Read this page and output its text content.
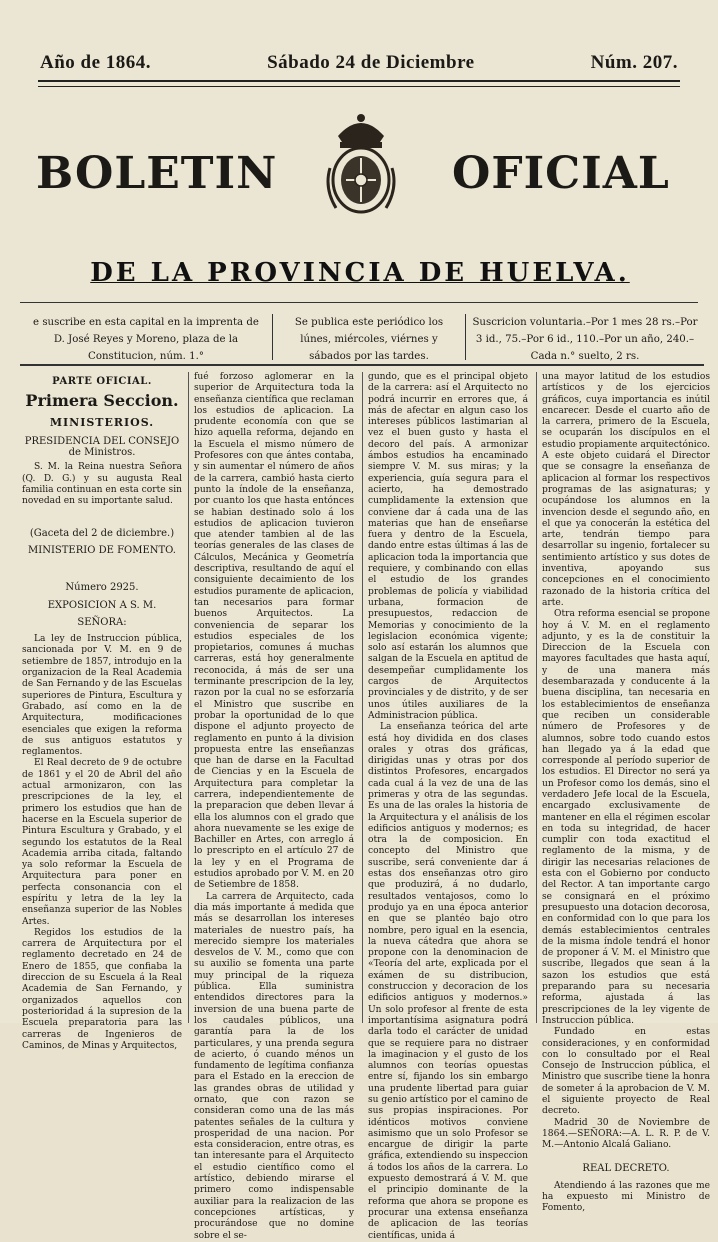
Año de 1864.	Sábado 24 de Diciembre	Núm. 207.
BOLETIN	OFICIAL
DE LA PROVINCIA DE HUELVA.
e suscribe en esta capital en la imprenta de D. José Reyes y Moreno, plaza de la Constitucion, núm. 1.°
Se publica este periódico los lúnes, miércoles, viérnes y sábados por las tardes.
Suscricion voluntaria.–Por 1 mes 28 rs.–Por 3 id., 75.–Por 6 id., 110.–Por un año, 240.–Cada n.° suelto, 2 rs.
PARTE OFICIAL.
Primera Seccion.
MINISTERIOS.
PRESIDENCIA DEL CONSEJO de Ministros.

S. M. la Reina nuestra Señora (Q. D. G.) y su augusta Real familia continuan en esta corte sin novedad en su importante salud.

(Gaceta del 2 de diciembre.)
MINISTERIO DE FOMENTO.
Número 2925.
EXPOSICION A S. M.
SEÑORA:

La ley de Instruccion pública, sancionada por V. M. en 9 de setiembre de 1857, introdujo en la organizacion de la Real Academia de San Fernando y de las Escuelas superiores de Pintura, Escultura y Grabado, así como en la de Arquitectura, modificaciones esenciales que exigen la reforma de sus antiguos estatutos y reglamentos.

El Real decreto de 9 de octubre de 1861 y el 20 de Abril del año actual armonizaron, con las prescripciones de la ley, el primero los estudios que han de hacerse en la Escuela superior de Pintura Escultura y Grabado, y el segundo los estatutos de la Real Academia arriba citada, faltando ya solo reformar la Escuela de Arquitectura para poner en perfecta consonancia con el espíritu y letra de la ley la enseñanza superior de las Nobles Artes.

Regidos los estudios de la carrera de Arquitectura por el reglamento decretado en 24 de Enero de 1855, que confiaba la direccion de su Escuela á la Real Academia de San Fernando, y organizados aquellos con posterioridad á la supresion de la Escuela preparatoria para las carreras de Ingenieros de Caminos, de Minas y Arquitectos,

fué forzoso aglomerar en la superior de Arquitectura toda la enseñanza científica que reclaman los estudios de aplicacion. La prudente economía con que se hizo aquella reforma, dejando en la Escuela el mismo número de Profesores con que ántes contaba, y sin aumentar el número de años de la carrera, cambió hasta cierto punto la índole de la enseñanza, por cuanto los que hasta entónces se habian destinado solo á los estudios de aplicacion tuvieron que atender tambien al de las teorías generales de las clases de Cálculos, Mecánica y Geometría descriptiva, resultando de aquí el consiguiente decaimiento de los estudios puramente de aplicacion, tan necesarios para formar buenos Arquitectos. La conveniencia de separar los estudios especiales de los propietarios, comunes á muchas carreras, está hoy generalmente reconocida, á más de ser una terminante prescripcion de la ley, razon por la cual no se esforzaría el Ministro que suscribe en probar la oportunidad de lo que dispone el adjunto proyecto de reglamento en punto á la division propuesta entre las enseñanzas que han de darse en la Facultad de Ciencias y en la Escuela de Arquitectura para completar la carrera, independientemente de la preparacion que deben llevar á ella los alumnos con el grado que ahora nuevamente se les exige de Bachiller en Artes, con arreglo á lo prescripto en el artículo 27 de la ley y en el Programa de estudios aprobado por V. M. en 20 de Setiembre de 1858.

La carrera de Arquitecto, cada dia más importante á medida que más se desarrollan los intereses materiales de nuestro país, ha merecido siempre los materiales desvelos de V. M., como que con su auxilio se fomenta una parte muy principal de la riqueza pública. Ella suministra entendidos directores para la inversion de una buena parte de los caudales públicos, una garantía para la de los particulares, y una prenda segura de acierto, ó cuando ménos un fundamento de legítima confianza para el Estado en la ereccion de las grandes obras de utilidad y ornato, que con razon se consideran como una de las más patentes señales de la cultura y prosperidad de una nacion. Por esta consideracion, entre otras, es tan interesante para el Arquitecto el estudio científico como el artístico, debiendo mirarse el primero como indispensable auxiliar para la realizacion de las concepciones artísticas, y procurándose que no domine sobre el se-

gundo, que es el principal objeto de la carrera: así el Arquitecto no podrá incurrir en errores que, á más de afectar en algun caso los intereses públicos lastimarian al vez el buen gusto y hasta el decoro del país. A armonizar ámbos estudios ha encaminado siempre V. M. sus miras; y la experiencia, guía segura para el acierto, ha demostrado cumplidamente la extension que conviene dar á cada una de las materias que han de enseñarse fuera y dentro de la Escuela, dando entre estas últimas á las de aplicacion toda la importancia que requiere, y combinando con ellas el estudio de los grandes problemas de policía y viabilidad urbana, formacion de presupuestos, redaccion de Memorias y conocimiento de la legislacion económica vigente; solo así estarán los alumnos que salgan de la Escuela en aptitud de desempeñar cumplidamente los cargos de Arquitectos provinciales y de distrito, y de ser unos útiles auxiliares de la Administracion pública.

La enseñanza teórica del arte está hoy dividida en dos clases orales y otras dos gráficas, dirigidas unas y otras por dos distintos Profesores, encargados cada cual á la vez de una de las primeras y otra de las segundas. Es una de las orales la historia de la Arquitectura y el análisis de los edificios antiguos y modernos; es otra la de composicion. En concepto del Ministro que suscribe, será conveniente dar á estas dos enseñanzas otro giro que produzirá, á no dudarlo, resultados ventajosos, como lo produjo ya en una época anterior en que se plantéo bajo otro nombre, pero igual en la esencia, la nueva cátedra que ahora se propone con la denominacion de «Teoría del arte, explicada por el exámen de su distribucion, construccion y decoracion de los edificios antiguos y modernos.» Un solo profesor al frente de esta importantísima asignatura podrá darla todo el carácter de unidad que se requiere para no distraer la imaginacion y el gusto de los alumnos con teorías opuestas entre sí, fijando los sin embargo una prudente libertad para guiar su genio artístico por el camino de sus propias inspiraciones. Por idénticos motivos conviene asimismo que un solo Profesor se encargue de dirigir la parte gráfica, extendiendo su inspeccion á todos los años de la carrera. Lo expuesto demostrará á V. M. que el principio dominante de la reforma que ahora se propone es procurar una extensa enseñanza de aplicacion de las teorías científicas, unida á

una mayor latitud de los estudios artísticos y de los ejercicios gráficos, cuya importancia es inútil encarecer. Desde el cuarto año de la carrera, primero de la Escuela, se ocuparán los discípulos en el estudio propiamente arquitectónico. A este objeto cuidará el Director que se consagre la enseñanza de aplicacion al formar los respectivos programas de las asignaturas; y ocupándose los alumnos en la invencion desde el segundo año, en el que ya conocerán la estética del arte, tendrán tiempo para desarrollar su ingenio, fortalecer su sentimiento artístico y sus dotes de inventiva, apoyando sus concepciones en el conocimiento razonado de la historia crítica del arte.

Otra reforma esencial se propone hoy á V. M. en el reglamento adjunto, y es la de constituir la Direccion de la Escuela con mayores facultades que hasta aquí, y de una manera más desembarazada y conducente á la buena disciplina, tan necesaria en los establecimientos de enseñanza que reciben un considerable número de Profesores y de alumnos, sobre todo cuando estos han llegado ya á la edad que corresponde al período superior de los estudios. El Director no será ya un Profesor como los demás, sino el verdadero Jefe local de la Escuela, encargado exclusivamente de mantener en ella el régimen escolar en toda su integridad, de hacer cumplir con toda exactitud el reglamento de la misma, y de dirigir las necesarias relaciones de esta con el Gobierno por conducto del Rector. A tan importante cargo se consignará en el próximo presupuesto una dotacion decorosa, en conformidad con lo que para los demás establecimientos centrales de la misma índole tendrá el honor de proponer á V. M. el Ministro que suscribe, llegados que sean á la sazon los estudios que está preparando para su necesaria reforma, ajustada á las prescripciones de la ley vigente de Instruccion pública.

Fundado en estas consideraciones, y en conformidad con lo consultado por el Real Consejo de Instruccion pública, el Ministro que suscribe tiene la honra de someter á la aprobacion de V. M. el siguiente proyecto de Real decreto.

Madrid 30 de Noviembre de 1864.—SEÑORA:—A. L. R. P. de V. M.—Antonio Alcalá Galiano.

REAL DECRETO.

Atendiendo á las razones que me ha expuesto mi Ministro de Fomento,
